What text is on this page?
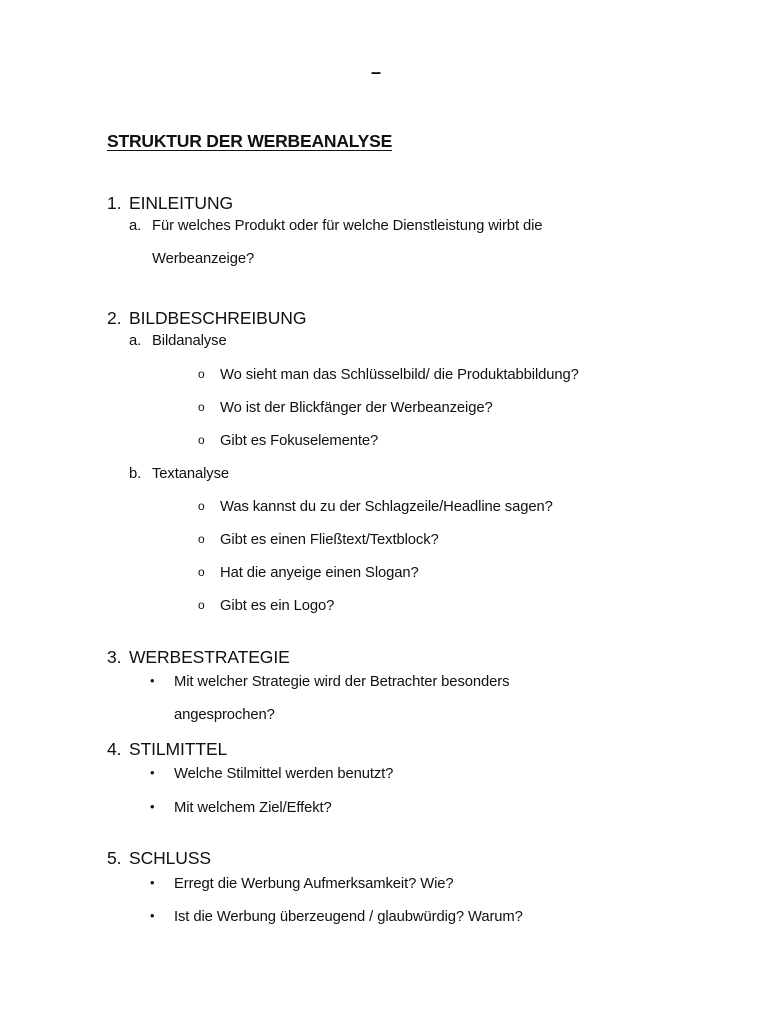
–
STRUKTUR DER WERBEANALYSE
1. EINLEITUNG
a. Für welches Produkt oder für welche Dienstleistung wirbt die
Werbeanzeige?
2. BILDBESCHREIBUNG
a. Bildanalyse
o Wo sieht man das Schlüsselbild/ die Produktabbildung?
o Wo ist der Blickfänger der Werbeanzeige?
o Gibt es Fokuselemente?
b. Textanalyse
o Was kannst du zu der Schlagzeile/Headline sagen?
o Gibt es einen Fließtext/Textblock?
o Hat die anyeige einen Slogan?
o Gibt es ein Logo?
3. WERBESTRATEGIE
• Mit welcher Strategie wird der Betrachter besonders
angesprochen?
4. STILMITTEL
• Welche Stilmittel werden benutzt?
• Mit welchem Ziel/Effekt?
5. SCHLUSS
• Erregt die Werbung Aufmerksamkeit? Wie?
• Ist die Werbung überzeugend / glaubwürdig? Warum?
